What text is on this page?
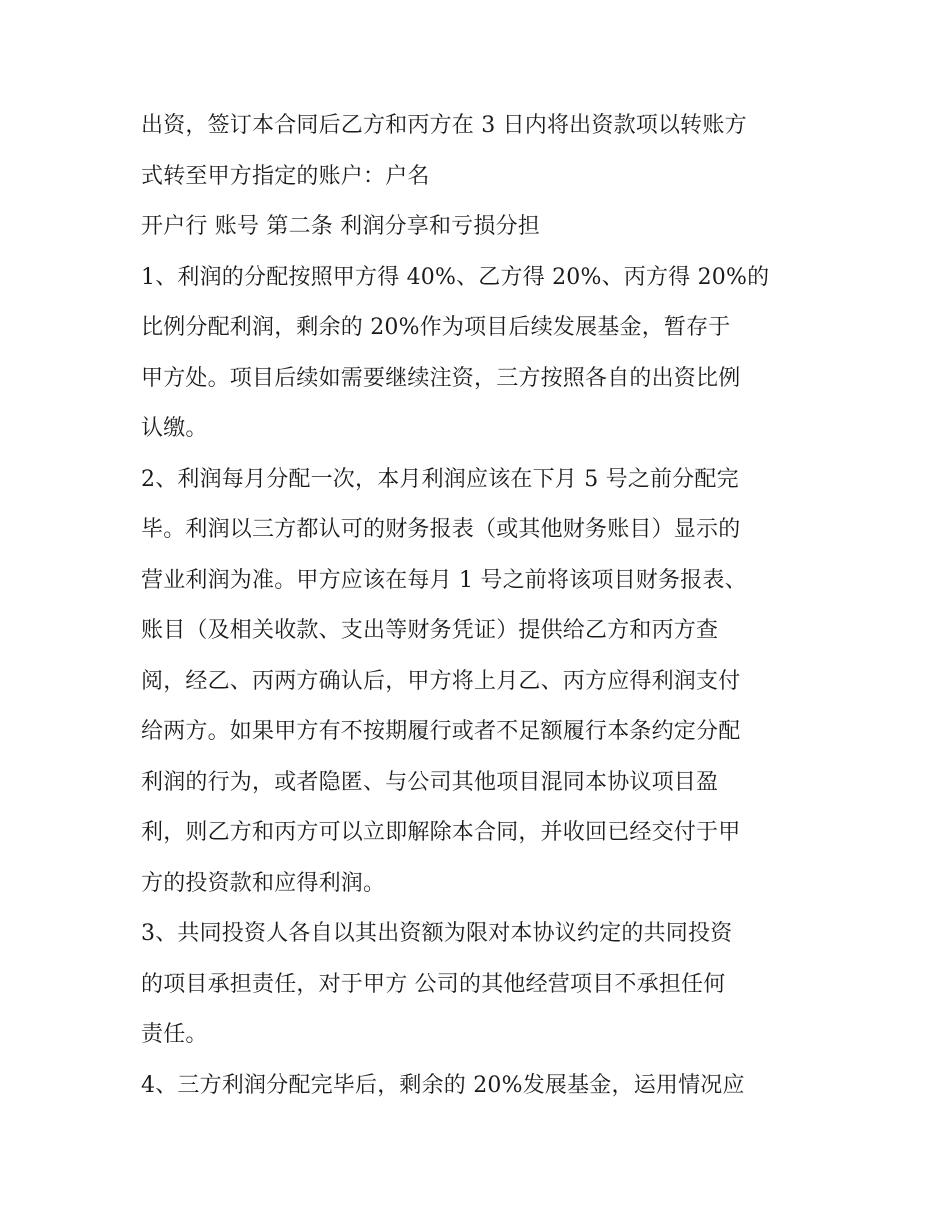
出资，签订本合同后乙方和丙方在 3 日内将出资款项以转账方
式转至甲方指定的账户：户名
开户行 账号 第二条 利润分享和亏损分担
1、利润的分配按照甲方得 40%、乙方得 20%、丙方得 20%的
比例分配利润，剩余的 20%作为项目后续发展基金，暂存于
甲方处。项目后续如需要继续注资，三方按照各自的出资比例
认缴。
2、利润每月分配一次，本月利润应该在下月 5 号之前分配完
毕。利润以三方都认可的财务报表（或其他财务账目）显示的
营业利润为准。甲方应该在每月 1 号之前将该项目财务报表、
账目（及相关收款、支出等财务凭证）提供给乙方和丙方查
阅，经乙、丙两方确认后，甲方将上月乙、丙方应得利润支付
给两方。如果甲方有不按期履行或者不足额履行本条约定分配
利润的行为，或者隐匿、与公司其他项目混同本协议项目盈
利，则乙方和丙方可以立即解除本合同，并收回已经交付于甲
方的投资款和应得利润。
3、共同投资人各自以其出资额为限对本协议约定的共同投资
的项目承担责任，对于甲方 公司的其他经营项目不承担任何
责任。
4、三方利润分配完毕后，剩余的 20%发展基金，运用情况应
